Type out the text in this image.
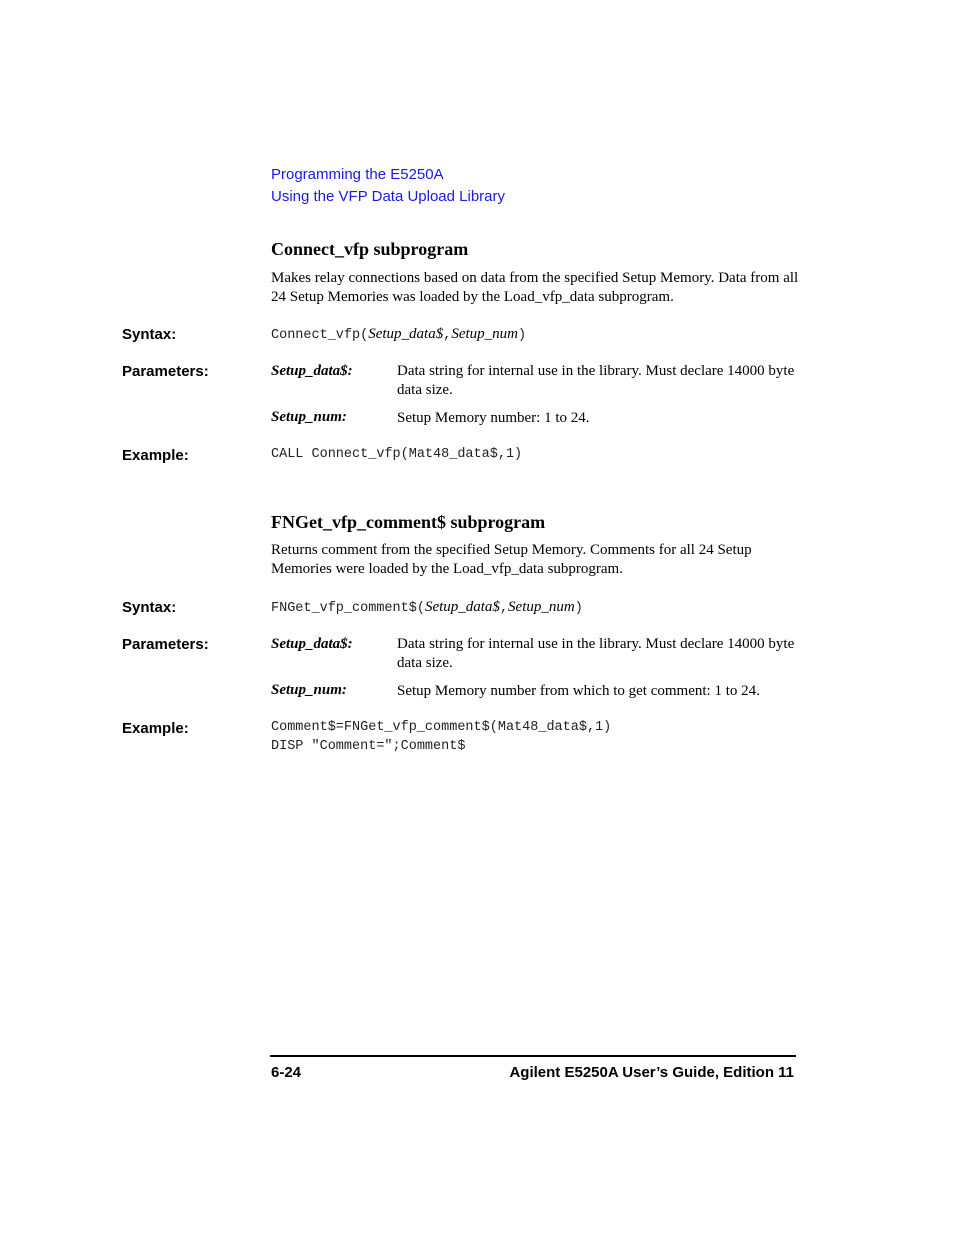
Programming the E5250A
Using the VFP Data Upload Library
Connect_vfp subprogram
Makes relay connections based on data from the specified Setup Memory. Data from all 24 Setup Memories was loaded by the Load_vfp_data subprogram.
Syntax:	Connect_vfp(Setup_data$,Setup_num)
Parameters:	Setup_data$:	Data string for internal use in the library. Must declare 14000 byte data size.
Setup_num:	Setup Memory number: 1 to 24.
Example:	CALL Connect_vfp(Mat48_data$,1)
FNGet_vfp_comment$ subprogram
Returns comment from the specified Setup Memory. Comments for all 24 Setup Memories were loaded by the Load_vfp_data subprogram.
Syntax:	FNGet_vfp_comment$(Setup_data$,Setup_num)
Parameters:	Setup_data$:	Data string for internal use in the library. Must declare 14000 byte data size.
Setup_num:	Setup Memory number from which to get comment: 1 to 24.
Example:	Comment$=FNGet_vfp_comment$(Mat48_data$,1)
DISP "Comment=";Comment$
6-24	Agilent E5250A User’s Guide, Edition 11
